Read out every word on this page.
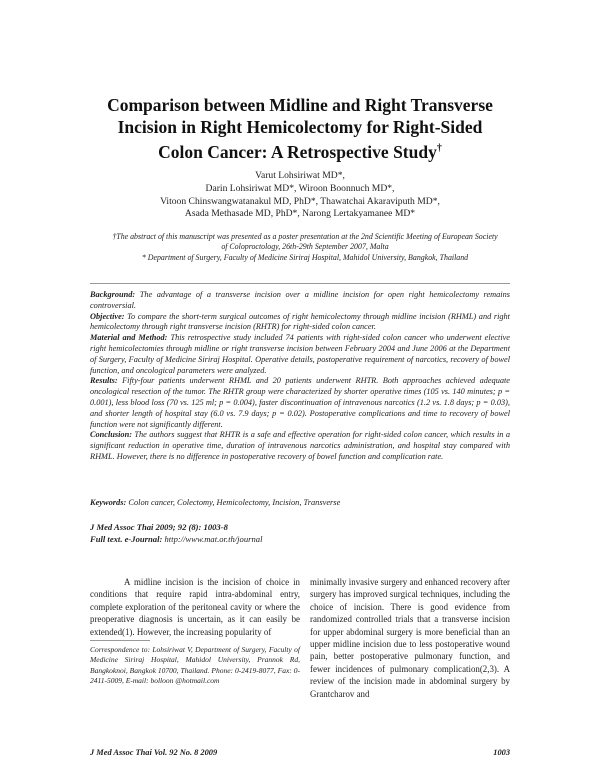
Comparison between Midline and Right Transverse
Incision in Right Hemicolectomy for Right-Sided
Colon Cancer: A Retrospective Study†
Varut Lohsiriwat MD*,
Darin Lohsiriwat MD*, Wiroon Boonnuch MD*,
Vitoon Chinswangwatanakul MD, PhD*, Thawatchai Akaraviputh MD*,
Asada Methasade MD, PhD*, Narong Lertakyamanee MD*
†The abstract of this manuscript was presented as a poster presentation at the 2nd Scientific Meeting of European Society
of Coloproctology, 26th-29th September 2007, Malta
* Department of Surgery, Faculty of Medicine Siriraj Hospital, Mahidol University, Bangkok, Thailand

Background: The advantage of a transverse incision over a midline incision for open right hemicolectomy remains controversial.

Objective: To compare the short-term surgical outcomes of right hemicolectomy through midline incision (RHML) and right hemicolectomy through right transverse incision (RHTR) for right-sided colon cancer.

Material and Method: This retrospective study included 74 patients with right-sided colon cancer who underwent elective right hemicolectomies through midline or right transverse incision between February 2004 and June 2006 at the Department of Surgery, Faculty of Medicine Siriraj Hospital. Operative details, postoperative requirement of narcotics, recovery of bowel function, and oncological parameters were analyzed.

Results: Fifty-four patients underwent RHML and 20 patients underwent RHTR. Both approaches achieved adequate oncological resection of the tumor. The RHTR group were characterized by shorter operative times (105 vs. 140 minutes; p = 0.001), less blood loss (70 vs. 125 ml; p = 0.004), faster discontinuation of intravenous narcotics (1.2 vs. 1.8 days; p = 0.03), and shorter length of hospital stay (6.0 vs. 7.9 days; p = 0.02). Postoperative complications and time to recovery of bowel function were not significantly different.

Conclusion: The authors suggest that RHTR is a safe and effective operation for right-sided colon cancer, which results in a significant reduction in operative time, duration of intravenous narcotics administration, and hospital stay compared with RHML. However, there is no difference in postoperative recovery of bowel function and complication rate.

Keywords: Colon cancer, Colectomy, Hemicolectomy, Incision, Transverse
J Med Assoc Thai 2009; 92 (8): 1003-8
Full text. e-Journal: http://www.mat.or.th/journal

A midline incision is the incision of choice in conditions that require rapid intra-abdominal entry, complete exploration of the peritoneal cavity or where the preoperative diagnosis is uncertain, as it can easily be extended(1). However, the increasing popularity of

minimally invasive surgery and enhanced recovery after surgery has improved surgical techniques, including the choice of incision. There is good evidence from randomized controlled trials that a transverse incision for upper abdominal surgery is more beneficial than an upper midline incision due to less postoperative wound pain, better postoperative pulmonary function, and fewer incidences of pulmonary complication(2,3). A review of the incision made in abdominal surgery by Grantcharov and

Correspondence to: Lohsiriwat V, Department of Surgery, Faculty of Medicine Siriraj Hospital, Mahidol University, Prannok Rd, Bangkoknoi, Bangkok 10700, Thailand. Phone: 0-2419-8077, Fax: 0-2411-5009, E-mail: bolloon @hotmail.com
J Med Assoc Thai Vol. 92 No. 8 2009	1003
